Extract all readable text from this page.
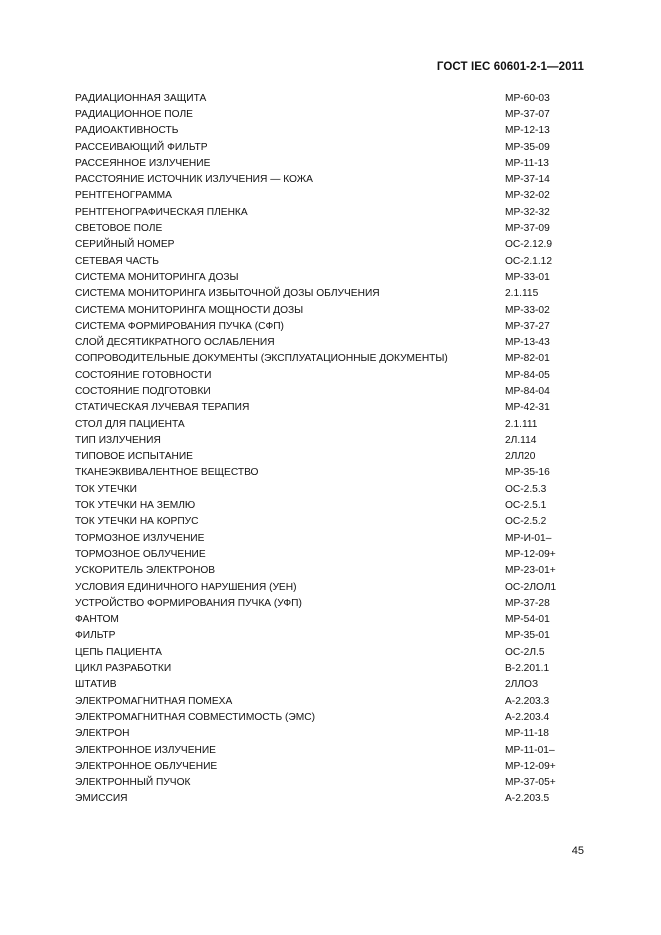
ГОСТ IEC 60601-2-1—2011
РАДИАЦИОННАЯ ЗАЩИТА	МР-60-03
РАДИАЦИОННОЕ ПОЛЕ	МР-37-07
РАДИОАКТИВНОСТЬ	МР-12-13
РАССЕИВАЮЩИЙ ФИЛЬТР	МР-35-09
РАССЕЯННОЕ ИЗЛУЧЕНИЕ	МР-11-13
РАССТОЯНИЕ ИСТОЧНИК ИЗЛУЧЕНИЯ — КОЖА	МР-37-14
РЕНТГЕНОГРАММА	МР-32-02
РЕНТГЕНОГРАФИЧЕСКАЯ ПЛЕНКА	МР-32-32
СВЕТОВОЕ ПОЛЕ	МР-37-09
СЕРИЙНЫЙ НОМЕР	ОС-2.12.9
СЕТЕВАЯ ЧАСТЬ	ОС-2.1.12
СИСТЕМА МОНИТОРИНГА ДОЗЫ	МР-33-01
СИСТЕМА МОНИТОРИНГА ИЗБЫТОЧНОЙ ДОЗЫ ОБЛУЧЕНИЯ	2.1.115
СИСТЕМА МОНИТОРИНГА МОЩНОСТИ ДОЗЫ	МР-33-02
СИСТЕМА ФОРМИРОВАНИЯ ПУЧКА (СФП)	МР-37-27
СЛОЙ ДЕСЯТИКРАТНОГО ОСЛАБЛЕНИЯ	МР-13-43
СОПРОВОДИТЕЛЬНЫЕ ДОКУМЕНТЫ (ЭКСПЛУАТАЦИОННЫЕ ДОКУМЕНТЫ)	МР-82-01
СОСТОЯНИЕ ГОТОВНОСТИ	МР-84-05
СОСТОЯНИЕ ПОДГОТОВКИ	МР-84-04
СТАТИЧЕСКАЯ ЛУЧЕВАЯ ТЕРАПИЯ	МР-42-31
СТОЛ ДЛЯ ПАЦИЕНТА	2.1.111
ТИП ИЗЛУЧЕНИЯ	2Л.114
ТИПОВОЕ ИСПЫТАНИЕ	2ЛЛ20
ТКАНЕЭКВИВАЛЕНТНОЕ ВЕЩЕСТВО	МР-35-16
ТОК УТЕЧКИ	ОС-2.5.3
ТОК УТЕЧКИ НА ЗЕМЛЮ	ОС-2.5.1
ТОК УТЕЧКИ НА КОРПУС	ОС-2.5.2
ТОРМОЗНОЕ ИЗЛУЧЕНИЕ	МР-И-01–
ТОРМОЗНОЕ ОБЛУЧЕНИЕ	МР-12-09+
УСКОРИТЕЛЬ ЭЛЕКТРОНОВ	МР-23-01+
УСЛОВИЯ ЕДИНИЧНОГО НАРУШЕНИЯ (УЕН)	ОС-2ЛОЛ1
УСТРОЙСТВО ФОРМИРОВАНИЯ ПУЧКА (УФП)	МР-37-28
ФАНТОМ	МР-54-01
ФИЛЬТР	МР-35-01
ЦЕПЬ ПАЦИЕНТА	ОС-2Л.5
ЦИКЛ РАЗРАБОТКИ	В-2.201.1
ШТАТИВ	2ЛЛОЗ
ЭЛЕКТРОМАГНИТНАЯ ПОМЕХА	А-2.203.3
ЭЛЕКТРОМАГНИТНАЯ СОВМЕСТИМОСТЬ (ЭМС)	А-2.203.4
ЭЛЕКТРОН	МР-11-18
ЭЛЕКТРОННОЕ ИЗЛУЧЕНИЕ	МР-11-01–
ЭЛЕКТРОННОЕ ОБЛУЧЕНИЕ	МР-12-09+
ЭЛЕКТРОННЫЙ ПУЧОК	МР-37-05+
ЭМИССИЯ	А-2.203.5
45
